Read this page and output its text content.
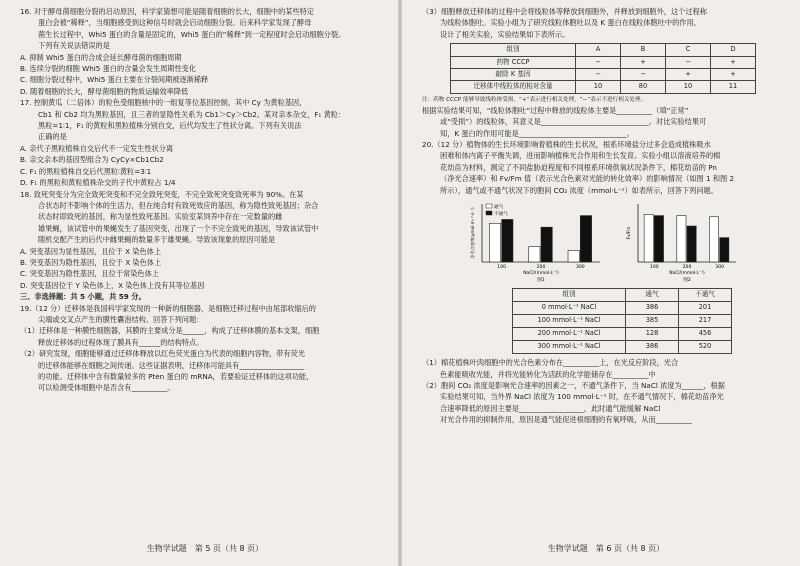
16. 对于酵母菌细胞分裂的启动原因，科学家猜想可能是随着细胞的长大，细胞中的某些特定

蛋白会被“稀释”，当细胞感受到这种信号时就会启动细胞分裂。后来科学家发现了酵母

菌生长过程中，Whi5 蛋白的含量是固定的，Whi5 蛋白的“稀释”到一定程度时会启动细胞分裂。

下列有关说法错误的是

A. 抑制 Whi5 蛋白的合成会延长酵母菌的细胞周期

B. 连续分裂的细胞 Whi5 蛋白的含量会发生周期性变化

C. 细胞分裂过程中，Whi5 蛋白主要在分裂间期被逐渐稀释

D. 随着细胞的长大，酵母菌细胞的物质运输效率降低

17. 控制黄瓜（二倍体）的粒色受细胞核中的一组复等位基因控制，其中 Cy 为黄粒基因，

Cb1 和 Cb2 均为黑粒基因，且三者的显隐性关系为 Cb1＞Cy＞Cb2。某对亲本杂交，F₁ 黄粒：

黑粒=1∶1，F₁ 的黄粒和黑粒植株分别自交，后代均发生了性状分离。下列有关说法

正确的是

A. 亲代子黑粒植株自交后代不一定发生性状分离

B. 亲交亲本的基因型组合为 CyCy×Cb1Cb2

C. F₁ 的黑粒植株自交后代黑粒∶黄粒=3∶1

D. F₁ 的黑粒和黄粒植株杂交的子代中黄粒占 1/4

18. 致死突变分为完全致死突变和不完全致死突变，不完全致死突变致死率为 90%。在某

合状态时不影响个体的生活力，但在纯合时有致死效应的基因，称为隐性致死基因；杂合

状态时即致死的基因，称为显性致死基因。实验室某饲养中存在一定数量的雌

雄果蝇，该试管中的果蝇发生了基因突变，出现了一个不完全致死的基因，导致该试管中

随机交配产生的后代中雌果蝇的数量多于雄果蝇。导致该现象的原因可能是

A. 突变基因为显性基因，且位于 X 染色体上

B. 突变基因为隐性基因，且位于 X 染色体上

C. 突变基因为隐性基因，且位于常染色体上

D. 突变基因位于 Y 染色体上，X 染色体上没有其等位基因

三、非选择题：共 5 小题，共 59 分。

19.（12 分）迁移体是我国科学家发现的一种新的细胞器，是细胞迁移过程中由尾部收缩后的

尖端或交叉点产生的膜性囊泡结构。回答下列问题：

（1）迁移体是一种膜性细胞器，其膜的主要成分是______，构成了迁移体膜的基本支架，细胞

释放迁移体的过程体现了膜具有______的结构特点。

（2）研究发现，细胞能够通过迁移体释放以红色荧光蛋白为代表的细胞内容物，带有荧光

的迁移体能够在细胞之间传递。这些证据表明，迁移体可能具有__________________

的功能。迁移体中含有数量较多的 Pten 蛋白的 mRNA，若要验证迁移体的这项功能，

可以检测受体细胞中是否含有__________。

生物学试题　第 5 页（共 8 页）

（3）细胞释放迁移体的过程中会将线粒体等释放到细胞外，并释放到细胞外，这个过程称

为线粒体胞吐。实验小组为了研究线粒体胞吐以及 K 蛋白在线粒体胞吐中的作用，

设计了相关实验，实验结果如下表所示。

组别	A	B	C	D
药物 CCCP	−	+	−	+
敲除 K 基因	−	−	+	+
迁移体中线粒体的相对含量	10	80	10	11

注：药物 CCCP 能够导致线粒体受损，“+”表示进行相关处理，“−”表示不进行相关处理。

根据实验结果可知，“线粒体胞吐”过程中释放的线粒体主要是__________（填“正常”

或“受损”）的线粒体，其意义是______________________________。对比实验结果可

知，K 蛋白的作用可能是______________________________。

20.（12 分）植物体的生长环境影响着植株的生长状况，根系环境盐分过多会造成植株吸水

困难和体内离子平衡失调，进而影响植株光合作用和生长发育。实验小组以溶液培养的棉

花幼苗为材料，测定了不同盐胁迫程度和不同根系环境供氧状况条件下，棉花幼苗的 Pn

（净光合速率）和 Fv/Fm 值（表示光合色素对光能的转化效率）的影响情况（如图 1 和图 2

所示），通气或不通气状况下的胞间 CO₂ 浓度（mmol·L⁻¹）如表所示，回答下列问题。

净光合速率(μmol·m⁻²·s⁻¹)
100	200	300
NaCl/(mmol·L⁻¹)
图1
通气
不通气
Fv/Fm
100	200	300
NaCl/(mmol·L⁻¹)
图2
组别	通气	不通气
0 mmol·L⁻¹ NaCl	386	201
100 mmol·L⁻¹ NaCl	385	217
200 mmol·L⁻¹ NaCl	128	456
300 mmol·L⁻¹ NaCl	386	520

（1）棉花植株叶肉细胞中的光合色素分布在__________上，在光反应阶段，光合

色素能吸收光能，并将光能转化为活跃的化学能储存在__________中

（2）胞间 CO₂ 浓度是影响光合速率的因素之一，不通气条件下，当 NaCl 浓度为______，根据

实验结果可知，当外界 NaCl 浓度为 100 mmol·L⁻¹ 时，在不通气情况下，棉花幼苗净光

合速率降低的原因主要是__________________，此时通气能缓解 NaCl

对光合作用的抑制作用，原因是通气能促进根细胞的有氧呼吸，从而__________

生物学试题　第 6 页（共 8 页）
